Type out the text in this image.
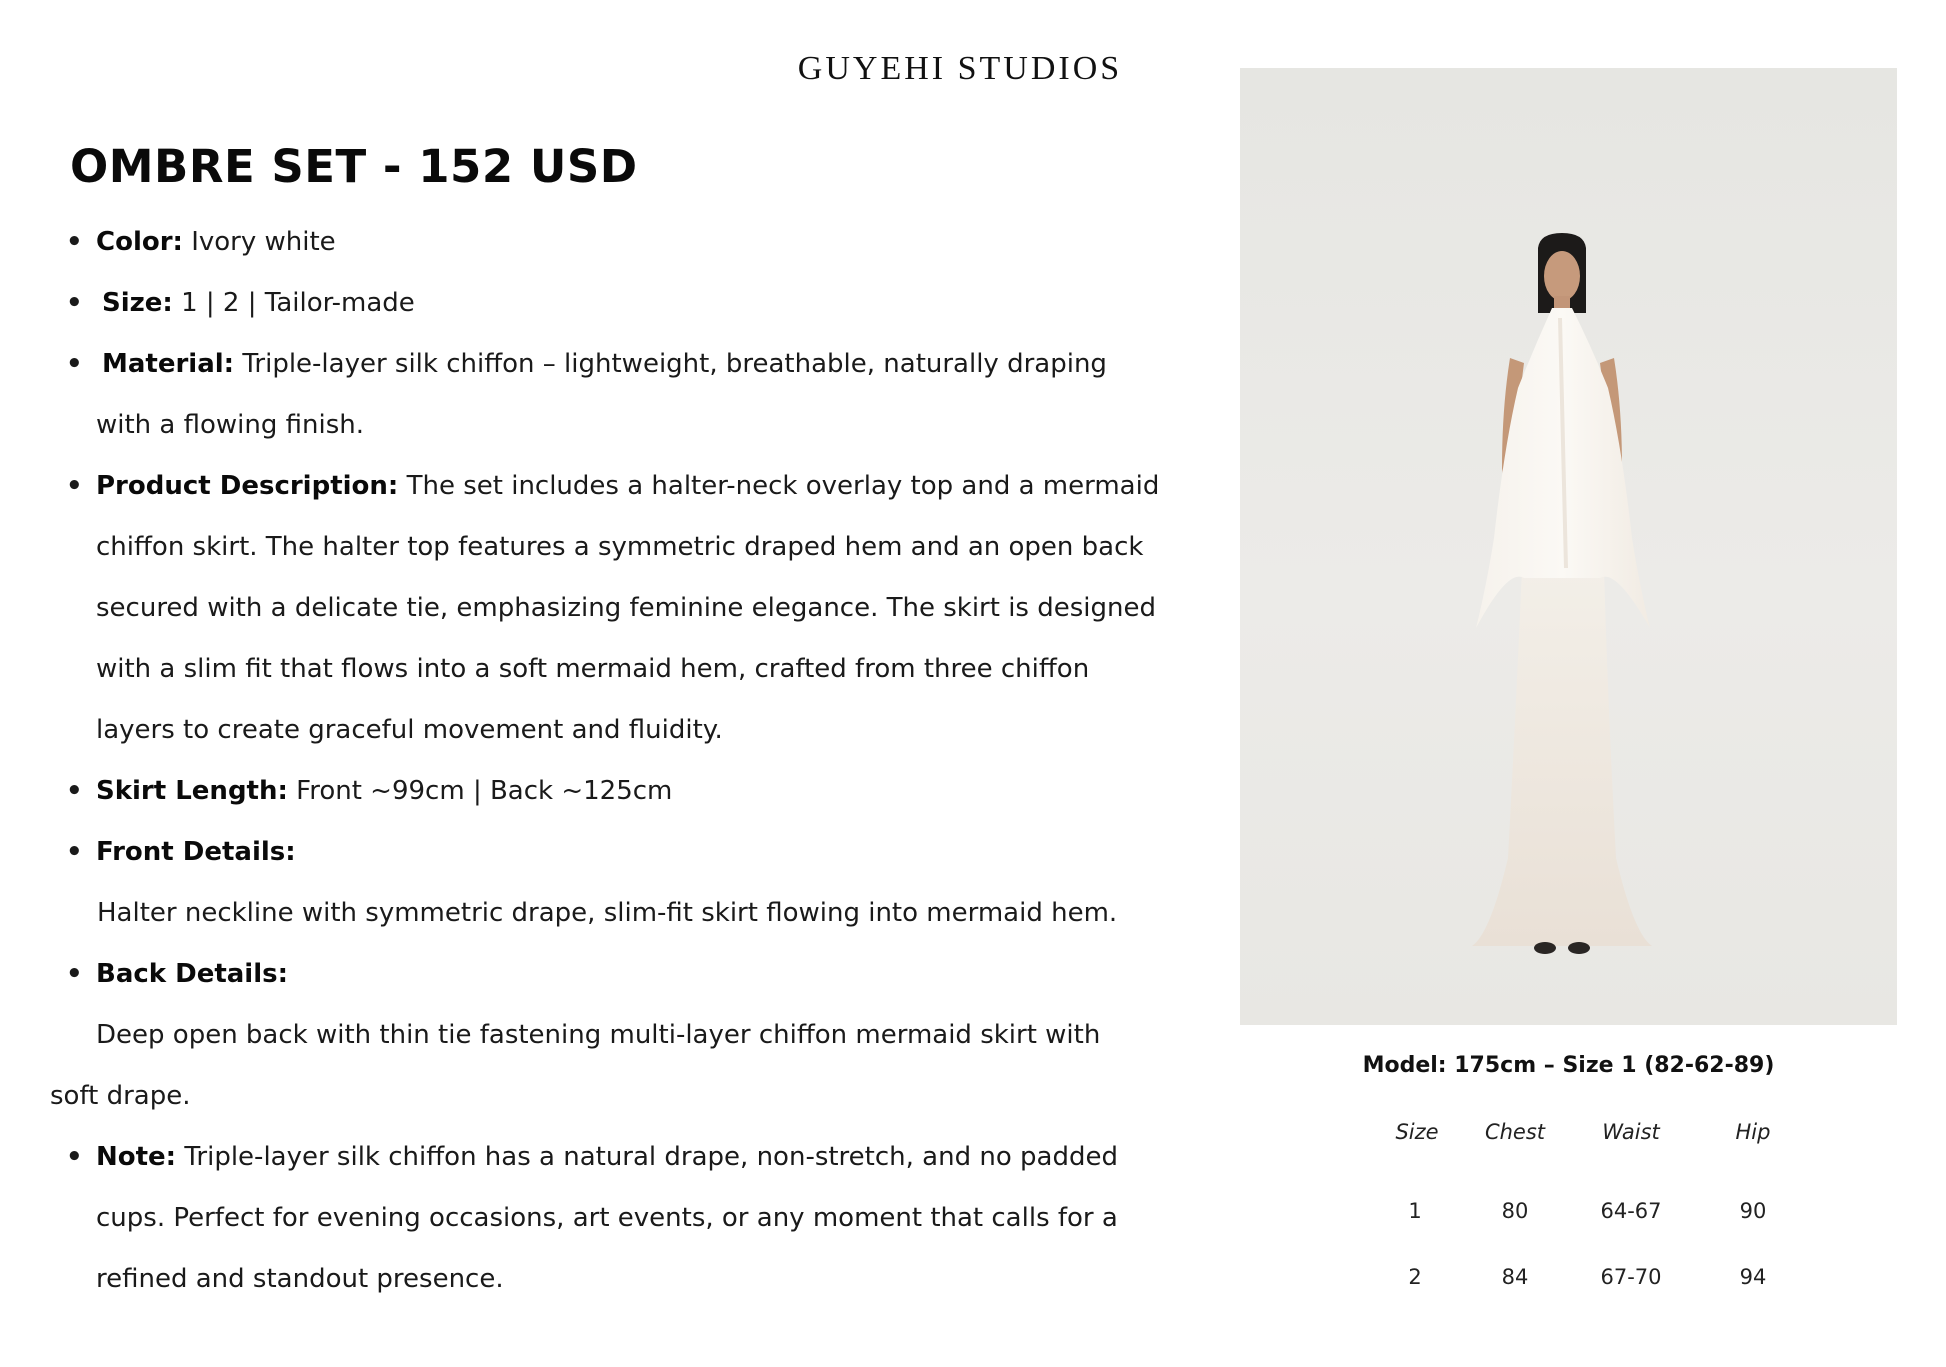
GUYEHI STUDIOS
OMBRE SET - 152 USD
• Color: Ivory white
• Size: 1 | 2 | Tailor-made
• Material: Triple-layer silk chiffon – lightweight, breathable, naturally draping
with a flowing finish.
• Product Description: The set includes a halter-neck overlay top and a mermaid
chiffon skirt. The halter top features a symmetric draped hem and an open back
secured with a delicate tie, emphasizing feminine elegance. The skirt is designed
with a slim fit that flows into a soft mermaid hem, crafted from three chiffon
layers to create graceful movement and fluidity.
• Skirt Length: Front ~99cm | Back ~125cm
• Front Details:
Halter neckline with symmetric drape, slim-fit skirt flowing into mermaid hem.
• Back Details:
Deep open back with thin tie fastening multi-layer chiffon mermaid skirt with
soft drape.
• Note: Triple-layer silk chiffon has a natural drape, non-stretch, and no padded
cups. Perfect for evening occasions, art events, or any moment that calls for a
refined and standout presence.
Model: 175cm – Size 1 (82-62-89)
Size	Chest	Waist	Hip
1	80	64-67	90
2	84	67-70	94
